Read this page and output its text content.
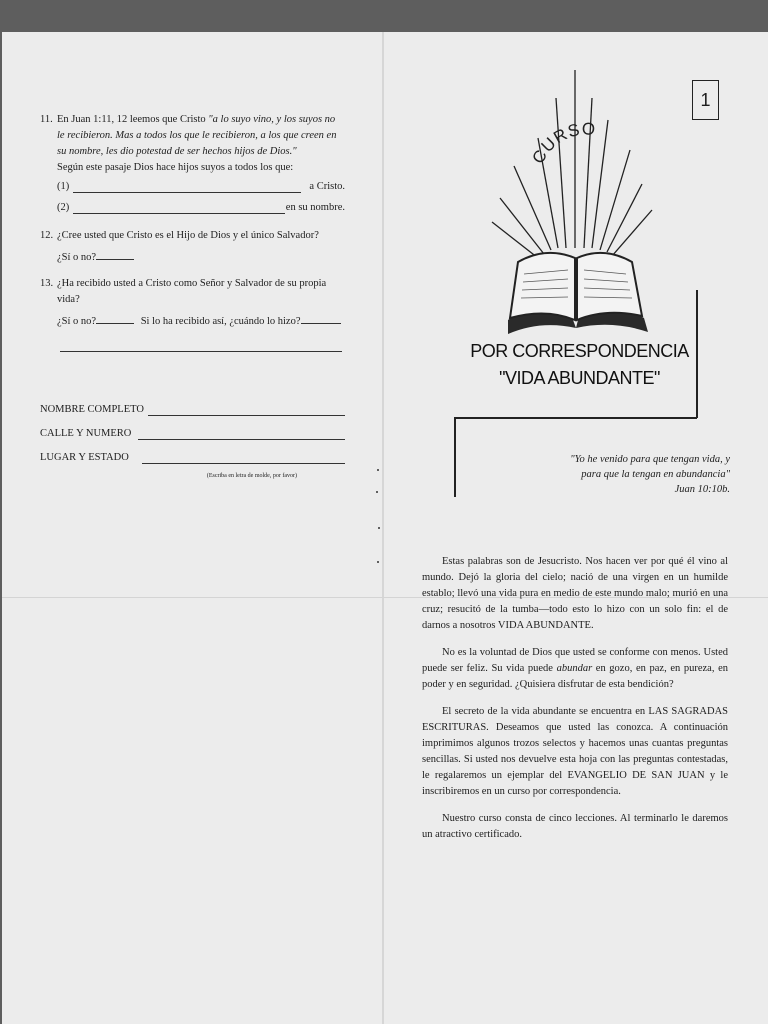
11. En Juan 1:11, 12 leemos que Cristo "a lo suyo vino, y los suyos no le recibieron. Mas a todos los que le recibieron, a los que creen en su nombre, les dio potestad de ser hechos hijos de Dios."
Según este pasaje Dios hace hijos suyos a todos los que:
(1)	a Cristo.
(2)	en su nombre.
12. ¿Cree usted que Cristo es el Hijo de Dios y el único Salvador?

¿Sí o no?
13. ¿Ha recibido usted a Cristo como Señor y Salvador de su propia vida?

¿Sí o no?	Si lo ha recibido así, ¿cuándo lo hizo?
NOMBRE COMPLETO
CALLE Y NUMERO
LUGAR Y ESTADO
(Escriba en letra de molde, por favor)
1
CURSO
POR CORRESPONDENCIA
"VIDA ABUNDANTE"
"Yo he venido para que tengan vida, y para que la tengan en abundancia"
Juan 10:10b.

Estas palabras son de Jesucristo. Nos hacen ver por qué él vino al mundo. Dejó la gloria del cielo; nació de una virgen en un humilde establo; llevó una vida pura en medio de este mundo malo; murió en una cruz; resucitó de la tumba—todo esto lo hizo con un solo fin: el de darnos a nosotros VIDA ABUNDANTE.

No es la voluntad de Dios que usted se conforme con menos. Usted puede ser feliz. Su vida puede abundar en gozo, en paz, en pureza, en poder y en seguridad. ¿Quisiera disfrutar de esta bendición?

El secreto de la vida abundante se encuentra en LAS SAGRADAS ESCRITURAS. Deseamos que usted las conozca. A continuación imprimimos algunos trozos selectos y hacemos unas cuantas preguntas sencillas. Si usted nos devuelve esta hoja con las preguntas contestadas, le regalaremos un ejemplar del EVANGELIO DE SAN JUAN y le inscribiremos en un curso por correspondencia.

Nuestro curso consta de cinco lecciones. Al terminarlo le daremos un atractivo certificado.
